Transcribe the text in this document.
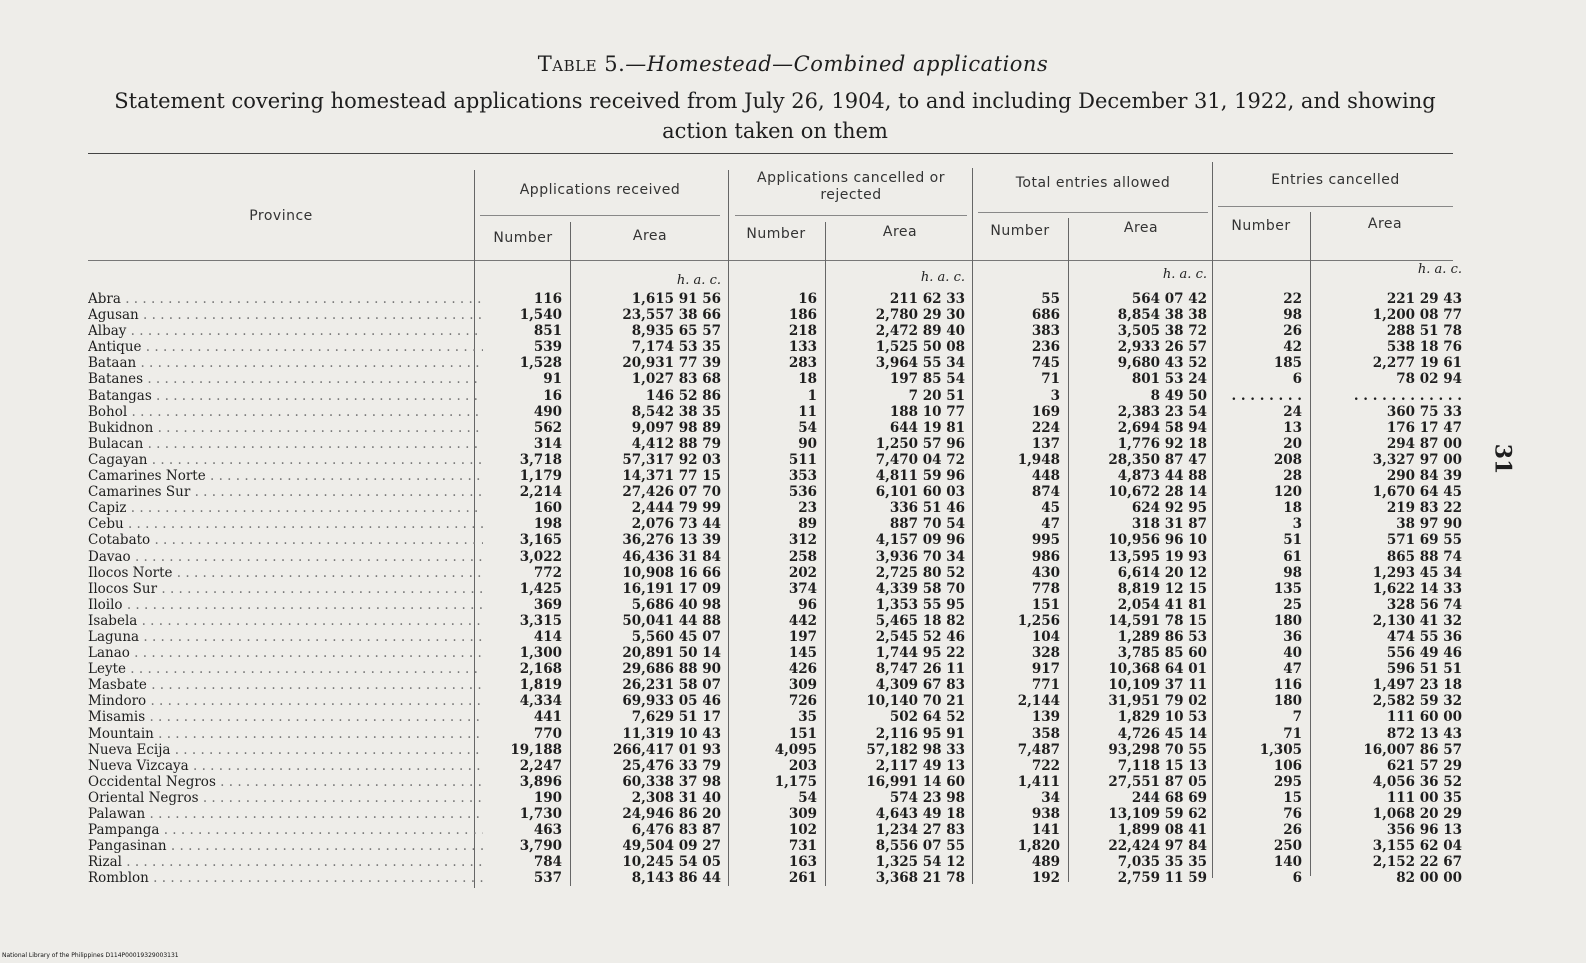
Table 5.—Homestead—Combined applications
Statement covering homestead applications received from July 26, 1904, to and including December 31, 1922, and showing action taken on them
Province
Applications received
Applications cancelled or rejected
Total entries allowed	Entries cancelled
Number	Area	Number	Area	Number	Area	Number	Area
h. a. c.	h. a. c.	h. a. c.	h. a. c.
Abra . . .	116	1,615 91 56	16	211 62 33	55	564 07 42	22	221 29 43
Agusan . . .	1,540	23,557 38 66	186	2,780 29 30	686	8,854 38 38	98	1,200 08 77
Albay . . .	851	8,935 65 57	218	2,472 89 40	383	3,505 38 72	26	288 51 78
Antique . . .	539	7,174 53 35	133	1,525 50 08	236	2,933 26 57	42	538 18 76
Bataan . . .	1,528	20,931 77 39	283	3,964 55 34	745	9,680 43 52	185	2,277 19 61
Batanes . . .	91	1,027 83 68	18	197 85 54	71	801 53 24	6	78 02 94
Batangas . . .	16	146 52 86	1	7 20 51	3	8 49 50	. . . . . . . .	. . . . . . . . . . . .
Bohol . . .	490	8,542 38 35	11	188 10 77	169	2,383 23 54	24	360 75 33
Bukidnon . . .	562	9,097 98 89	54	644 19 81	224	2,694 58 94	13	176 17 47
Bulacan . . .	314	4,412 88 79	90	1,250 57 96	137	1,776 92 18	20	294 87 00
Cagayan . . .	3,718	57,317 92 03	511	7,470 04 72	1,948	28,350 87 47	208	3,327 97 00
Camarines Norte . . .	1,179	14,371 77 15	353	4,811 59 96	448	4,873 44 88	28	290 84 39
Camarines Sur . . .	2,214	27,426 07 70	536	6,101 60 03	874	10,672 28 14	120	1,670 64 45
Capiz . . .	160	2,444 79 99	23	336 51 46	45	624 92 95	18	219 83 22
Cebu . . .	198	2,076 73 44	89	887 70 54	47	318 31 87	3	38 97 90
Cotabato . . .	3,165	36,276 13 39	312	4,157 09 96	995	10,956 96 10	51	571 69 55
Davao . . .	3,022	46,436 31 84	258	3,936 70 34	986	13,595 19 93	61	865 88 74
Ilocos Norte . . .	772	10,908 16 66	202	2,725 80 52	430	6,614 20 12	98	1,293 45 34
Ilocos Sur . . .	1,425	16,191 17 09	374	4,339 58 70	778	8,819 12 15	135	1,622 14 33
Iloilo . . .	369	5,686 40 98	96	1,353 55 95	151	2,054 41 81	25	328 56 74
Isabela . . .	3,315	50,041 44 88	442	5,465 18 82	1,256	14,591 78 15	180	2,130 41 32
Laguna . . .	414	5,560 45 07	197	2,545 52 46	104	1,289 86 53	36	474 55 36
Lanao . . .	1,300	20,891 50 14	145	1,744 95 22	328	3,785 85 60	40	556 49 46
Leyte . . .	2,168	29,686 88 90	426	8,747 26 11	917	10,368 64 01	47	596 51 51
Masbate . . .	1,819	26,231 58 07	309	4,309 67 83	771	10,109 37 11	116	1,497 23 18
Mindoro . . .	4,334	69,933 05 46	726	10,140 70 21	2,144	31,951 79 02	180	2,582 59 32
Misamis . . .	441	7,629 51 17	35	502 64 52	139	1,829 10 53	7	111 60 00
Mountain . . .	770	11,319 10 43	151	2,116 95 91	358	4,726 45 14	71	872 13 43
Nueva Ecija . . .	19,188	266,417 01 93	4,095	57,182 98 33	7,487	93,298 70 55	1,305	16,007 86 57
Nueva Vizcaya . . .	2,247	25,476 33 79	203	2,117 49 13	722	7,118 15 13	106	621 57 29
Occidental Negros . . .	3,896	60,338 37 98	1,175	16,991 14 60	1,411	27,551 87 05	295	4,056 36 52
Oriental Negros . . .	190	2,308 31 40	54	574 23 98	34	244 68 69	15	111 00 35
Palawan . . .	1,730	24,946 86 20	309	4,643 49 18	938	13,109 59 62	76	1,068 20 29
Pampanga . . .	463	6,476 83 87	102	1,234 27 83	141	1,899 08 41	26	356 96 13
Pangasinan . . .	3,790	49,504 09 27	731	8,556 07 55	1,820	22,424 97 84	250	3,155 62 04
Rizal . . .	784	10,245 54 05	163	1,325 54 12	489	7,035 35 35	140	2,152 22 67
Romblon . . .	537	8,143 86 44	261	3,368 21 78	192	2,759 11 59	6	82 00 00
31
National Library of the Philippines D114P00019329003131
